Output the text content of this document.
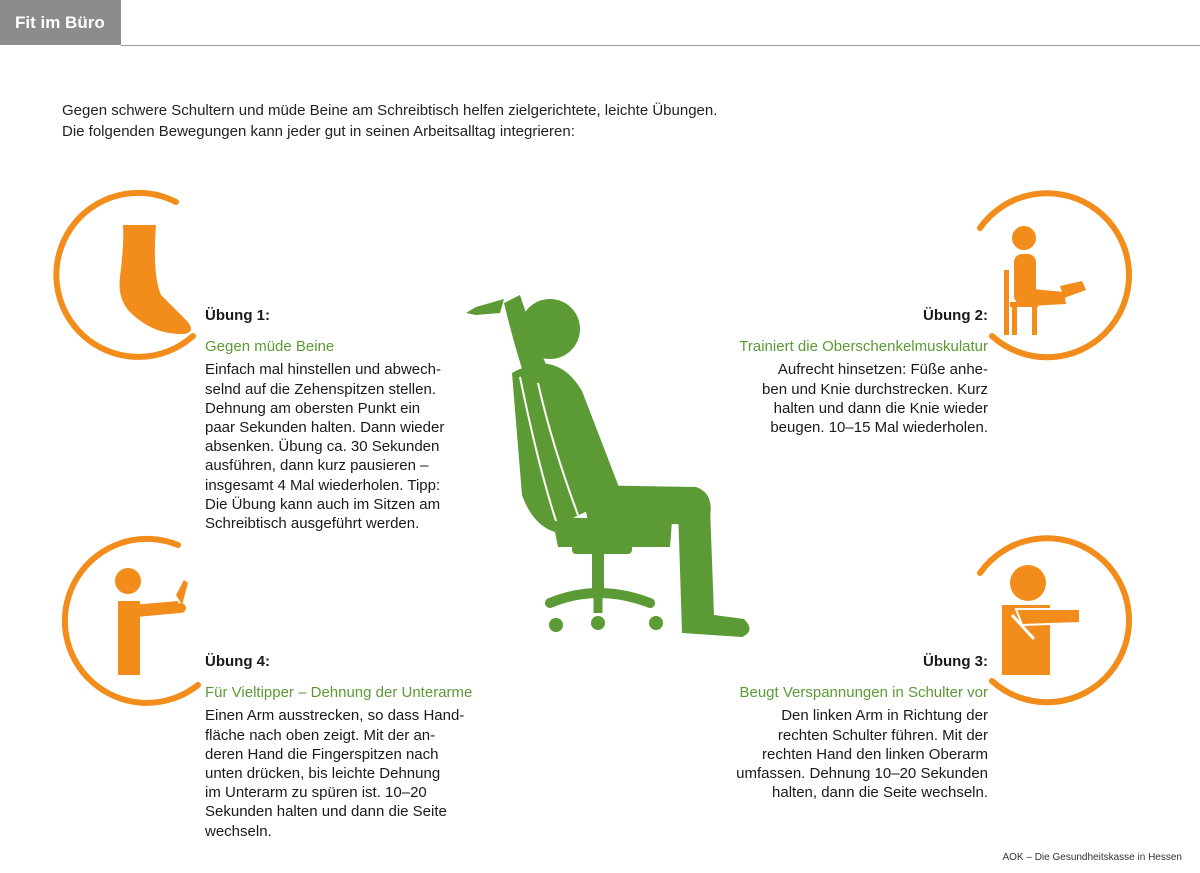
Fit im Büro
Gegen schwere Schultern und müde Beine am Schreibtisch helfen zielgerichtete, leichte Übungen.
Die folgenden Bewegungen kann jeder gut in seinen Arbeitsalltag integrieren:
Übung 1:
Gegen müde Beine
Einfach mal hinstellen und abwech-
selnd auf die Zehenspitzen stellen.
Dehnung am obersten Punkt ein
paar Sekunden halten. Dann wieder
absenken. Übung ca. 30 Sekunden
ausführen, dann kurz pausieren –
insgesamt 4 Mal wiederholen. Tipp:
Die Übung kann auch im Sitzen am
Schreibtisch ausgeführt werden.
Übung 2:
Trainiert die Oberschenkelmuskulatur
Aufrecht hinsetzen: Füße anhe-
ben und Knie durchstrecken. Kurz
halten und dann die Knie wieder
beugen. 10–15 Mal wiederholen.
Übung 3:
Beugt Verspannungen in Schulter vor
Den linken Arm in Richtung der
rechten Schulter führen. Mit der
rechten Hand den linken Oberarm
umfassen. Dehnung 10–20 Sekunden
halten, dann die Seite wechseln.
Übung 4:
Für Vieltipper – Dehnung der Unterarme
Einen Arm ausstrecken, so dass Hand-
fläche nach oben zeigt. Mit der an-
deren Hand die Fingerspitzen nach
unten drücken, bis leichte Dehnung
im Unterarm zu spüren ist. 10–20
Sekunden halten und dann die Seite
wechseln.
AOK – Die Gesundheitskasse in Hessen
